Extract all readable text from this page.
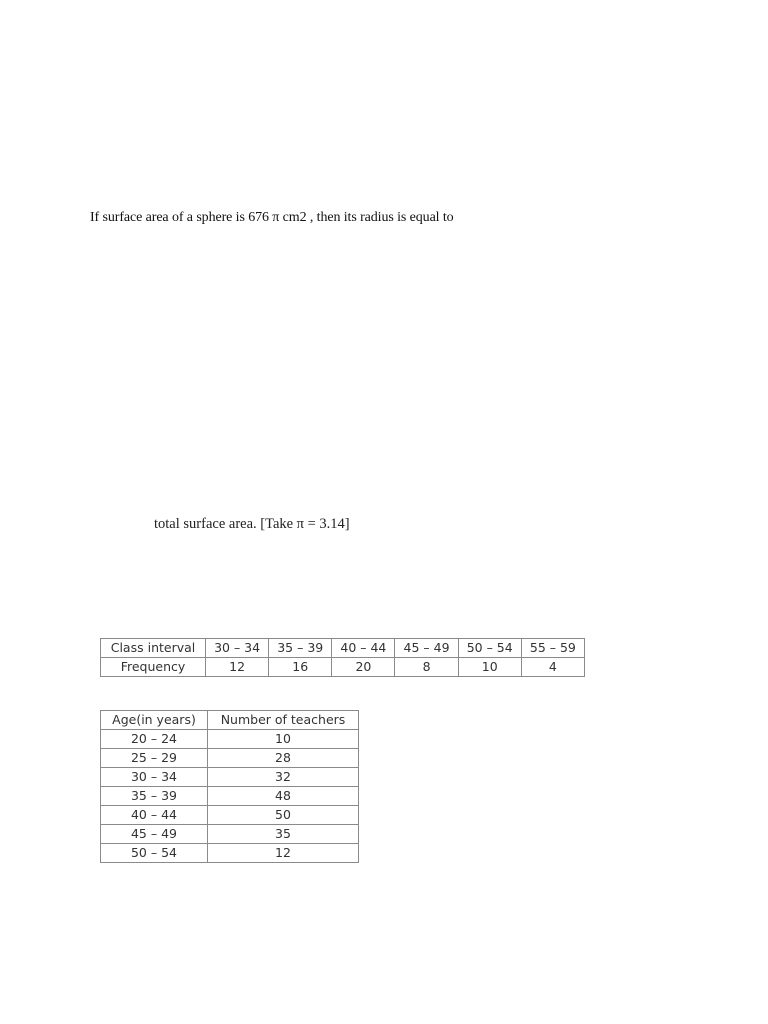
If surface area of a sphere is 676 π cm2 , then its radius is equal to
total surface area. [Take π = 3.14]
Class interval	30 – 34	35 – 39	40 – 44	45 – 49	50 – 54	55 – 59
Frequency	12	16	20	8	10	4
Age(in years)	Number of teachers
20 – 24	10
25 – 29	28
30 – 34	32
35 – 39	48
40 – 44	50
45 – 49	35
50 – 54	12
